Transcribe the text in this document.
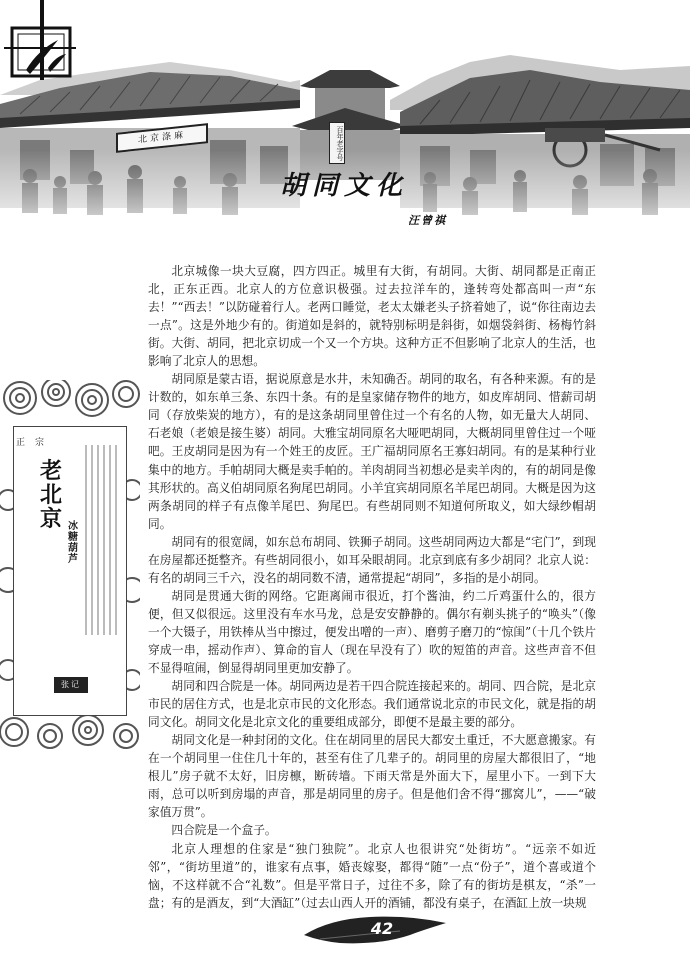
北京涤麻	百年老字号
胡同文化
汪曾祺

北京城像一块大豆腐，四方四正。城里有大街，有胡同。大街、胡同都是正南正北，正东正西。北京人的方位意识极强。过去拉洋车的，逢转弯处都高叫一声“东去！”“西去！”以防碰着行人。老两口睡觉，老太太嫌老头子挤着她了，说“你往南边去一点”。这是外地少有的。街道如是斜的，就特别标明是斜街，如烟袋斜街、杨梅竹斜街。大街、胡同，把北京切成一个又一个方块。这种方正不但影响了北京人的生活，也影响了北京人的思想。

胡同原是蒙古语，据说原意是水井，未知确否。胡同的取名，有各种来源。有的是计数的，如东单三条、东四十条。有的是皇家储存物件的地方，如皮库胡同、惜薪司胡同（存放柴炭的地方），有的是这条胡同里曾住过一个有名的人物，如无量大人胡同、石老娘（老娘是接生婆）胡同。大雅宝胡同原名大哑吧胡同，大概胡同里曾住过一个哑吧。王皮胡同是因为有一个姓王的皮匠。王广福胡同原名王寡妇胡同。有的是某种行业集中的地方。手帕胡同大概是卖手帕的。羊肉胡同当初想必是卖羊肉的，有的胡同是像其形状的。高义伯胡同原名狗尾巴胡同。小羊宜宾胡同原名羊尾巴胡同。大概是因为这两条胡同的样子有点像羊尾巴、狗尾巴。有些胡同则不知道何所取义，如大绿纱帽胡同。

胡同有的很宽阔，如东总布胡同、铁狮子胡同。这些胡同两边大都是“宅门”，到现在房屋都还挺整齐。有些胡同很小，如耳朵眼胡同。北京到底有多少胡同？北京人说：有名的胡同三千六，没名的胡同数不清，通常提起“胡同”，多指的是小胡同。

胡同是贯通大街的网络。它距离闹市很近，打个酱油，约二斤鸡蛋什么的，很方便，但又似很远。这里没有车水马龙，总是安安静静的。偶尔有剃头挑子的“唤头”（像一个大镊子，用铁棒从当中擦过，便发出噌的一声）、磨剪子磨刀的“惊闺”（十几个铁片穿成一串，摇动作声）、算命的盲人（现在早没有了）吹的短笛的声音。这些声音不但不显得喧闹，倒显得胡同里更加安静了。

胡同和四合院是一体。胡同两边是若干四合院连接起来的。胡同、四合院，是北京市民的居住方式，也是北京市民的文化形态。我们通常说北京的市民文化，就是指的胡同文化。胡同文化是北京文化的重要组成部分，即便不是最主要的部分。

胡同文化是一种封闭的文化。住在胡同里的居民大都安土重迁，不大愿意搬家。有在一个胡同里一住住几十年的，甚至有住了几辈子的。胡同里的房屋大都很旧了，“地根儿”房子就不太好，旧房檩，断砖墙。下雨天常是外面大下，屋里小下。一到下大雨，总可以听到房塌的声音，那是胡同里的房子。但是他们舍不得“挪窝儿”，——“破家值万贯”。

四合院是一个盒子。

北京人理想的住家是“独门独院”。北京人也很讲究“处街坊”。“远亲不如近邻”，“街坊里道”的，谁家有点事，婚丧嫁娶，都得“随”一点“份子”，道个喜或道个恼，不这样就不合“礼数”。但是平常日子，过往不多，除了有的街坊是棋友，“杀”一盘；有的是酒友，到“大酒缸”（过去山西人开的酒铺，都没有桌子，在酒缸上放一块规

正宗
老北京 冰糖葫芦
张记
42
